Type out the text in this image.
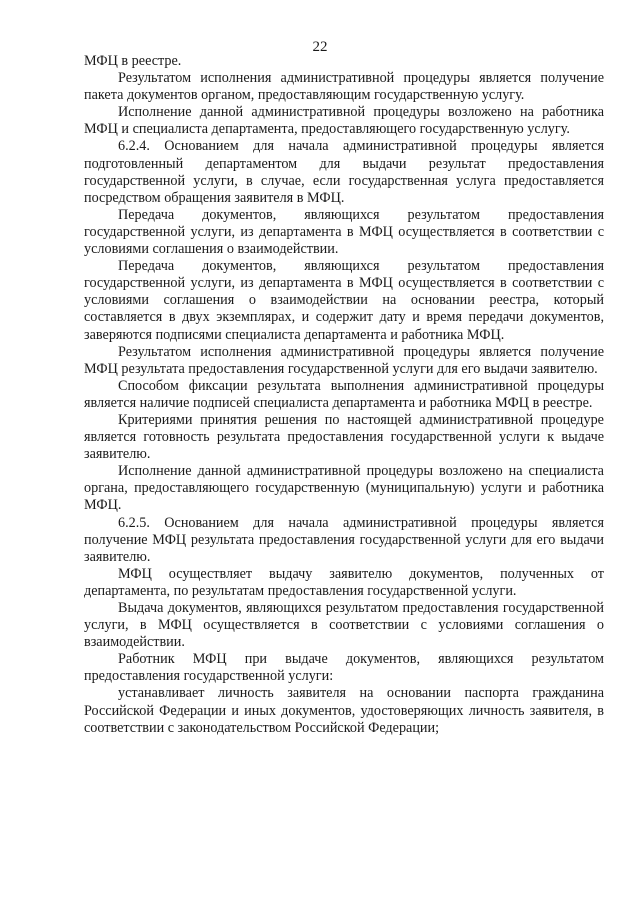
22

МФЦ в реестре.

Результатом исполнения административной процедуры является получение пакета документов органом, предоставляющим государственную услугу.

Исполнение данной административной процедуры возложено на работника МФЦ и специалиста департамента, предоставляющего государственную услугу.

6.2.4. Основанием для начала административной процедуры является подготовленный департаментом для выдачи результат предоставления государственной услуги, в случае, если государственная услуга предоставляется посредством обращения заявителя в МФЦ.

Передача документов, являющихся результатом предоставления государственной услуги, из департамента в МФЦ осуществляется в соответствии с условиями соглашения о взаимодействии.

Передача документов, являющихся результатом предоставления государственной услуги, из департамента в МФЦ осуществляется в соответствии с условиями соглашения о взаимодействии на основании реестра, который составляется в двух экземплярах, и содержит дату и время передачи документов, заверяются подписями специалиста департамента и работника МФЦ.

Результатом исполнения административной процедуры является получение МФЦ результата предоставления государственной услуги для его выдачи заявителю.

Способом фиксации результата выполнения административной процедуры является наличие подписей специалиста департамента и работника МФЦ в реестре.

Критериями принятия решения по настоящей административной процедуре является готовность результата предоставления государственной услуги к выдаче заявителю.

Исполнение данной административной процедуры возложено на специалиста органа, предоставляющего государственную (муниципальную) услуги и работника МФЦ.

6.2.5. Основанием для начала административной процедуры является получение МФЦ результата предоставления государственной услуги для его выдачи заявителю.

МФЦ осуществляет выдачу заявителю документов, полученных от департамента, по результатам предоставления государственной услуги.

Выдача документов, являющихся результатом предоставления государственной услуги, в МФЦ осуществляется в соответствии с условиями соглашения о взаимодействии.

Работник МФЦ при выдаче документов, являющихся результатом предоставления государственной услуги:

устанавливает личность заявителя на основании паспорта гражданина Российской Федерации и иных документов, удостоверяющих личность заявителя, в соответствии с законодательством Российской Федерации;
